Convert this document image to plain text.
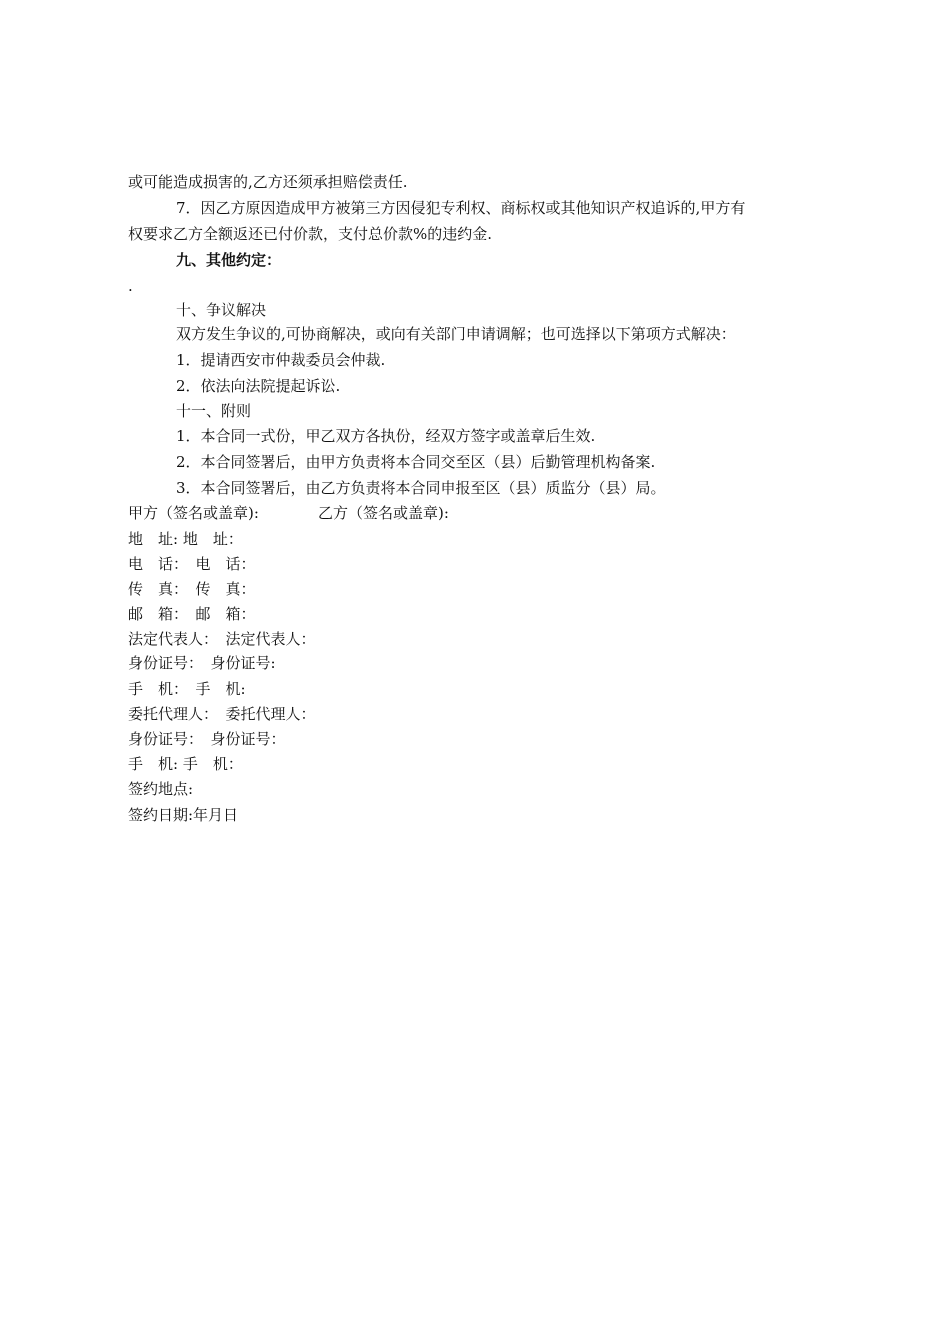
或可能造成损害的,乙方还须承担赔偿责任.
7．因乙方原因造成甲方被第三方因侵犯专利权、商标权或其他知识产权追诉的,甲方有
权要求乙方全额返还已付价款，支付总价款%的违约金.
九、其他约定：
.
十、争议解决
双方发生争议的,可协商解决，或向有关部门申请调解；也可选择以下第项方式解决：
1．提请西安市仲裁委员会仲裁.
2．依法向法院提起诉讼.
十一、附则
1．本合同一式份，甲乙双方各执份，经双方签字或盖章后生效.
2．本合同签署后，由甲方负责将本合同交至区（县）后勤管理机构备案.
3．本合同签署后，由乙方负责将本合同申报至区（县）质监分（县）局。
甲方（签名或盖章):	乙方（签名或盖章):
地　址: 地　址：
电　话：　电　话：
传　真：　传　真：
邮　箱：　邮　箱：
法定代表人：　法定代表人：
身份证号：　身份证号:
手　机：　手　机:
委托代理人：　委托代理人：
身份证号：　身份证号：
手　机: 手　机：
签约地点:
签约日期:年月日
